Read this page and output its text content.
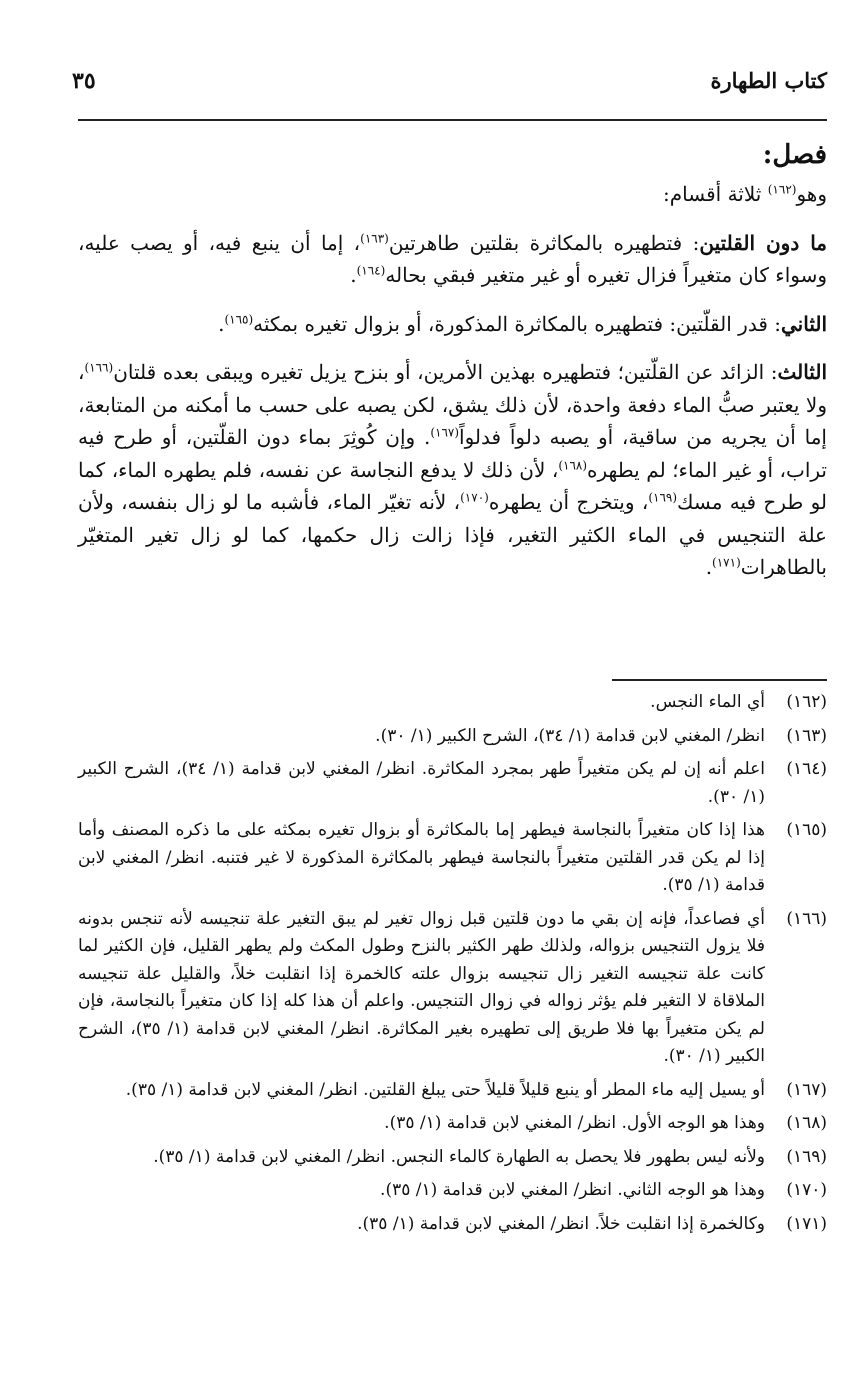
كتاب الطهارة
٣٥
فصل:
وهو$^{(١٦٢)}$ ثلاثة أقسام:
ما دون القلتين: فتطهيره بالمكاثرة بقلتين طاهرتين$^{(١٦٣)}$، إما أن ينبع فيه، أو يصب عليه، وسواء كان متغيراً فزال تغيره أو غير متغير فبقي بحاله$^{(١٦٤)}$.
الثاني: قدر القلّتين: فتطهيره بالمكاثرة المذكورة، أو بزوال تغيره بمكثه$^{(١٦٥)}$.
الثالث: الزائد عن القلّتين؛ فتطهيره بهذين الأمرين، أو بنزح يزيل تغيره ويبقى بعده قلتان$^{(١٦٦)}$، ولا يعتبر صبُّ الماء دفعة واحدة، لأن ذلك يشق، لكن يصبه على حسب ما أمكنه من المتابعة، إما أن يجريه من ساقية، أو يصبه دلواً فدلواً$^{(١٦٧)}$. وإن كُوثِرَ بماء دون القلّتين، أو طرح فيه تراب، أو غير الماء؛ لم يطهره$^{(١٦٨)}$، لأن ذلك لا يدفع النجاسة عن نفسه، فلم يطهره الماء، كما لو طرح فيه مسك$^{(١٦٩)}$، ويتخرج أن يطهره$^{(١٧٠)}$، لأنه تغيّر الماء، فأشبه ما لو زال بنفسه، ولأن علة التنجيس في الماء الكثير التغير، فإذا زالت زال حكمها، كما لو زال تغير المتغيّر بالطاهرات$^{(١٧١)}$.
(١٦٢)
أي الماء النجس.
(١٦٣)
انظر/ المغني لابن قدامة (١/ ٣٤)، الشرح الكبير (١/ ٣٠).
(١٦٤)
اعلم أنه إن لم يكن متغيراً طهر بمجرد المكاثرة. انظر/ المغني لابن قدامة (١/ ٣٤)، الشرح الكبير (١/ ٣٠).
(١٦٥)
هذا إذا كان متغيراً بالنجاسة فيطهر إما بالمكاثرة أو بزوال تغيره بمكثه على ما ذكره المصنف وأما إذا لم يكن قدر القلتين متغيراً بالنجاسة فيطهر بالمكاثرة المذكورة لا غير فتنبه. انظر/ المغني لابن قدامة (١/ ٣٥).
(١٦٦)
أي فصاعداً، فإنه إن بقي ما دون قلتين قبل زوال تغير لم يبق التغير علة تنجيسه لأنه تنجس بدونه فلا يزول التنجيس بزواله، ولذلك طهر الكثير بالنزح وطول المكث ولم يطهر القليل، فإن الكثير لما كانت علة تنجيسه التغير زال تنجيسه بزوال علته كالخمرة إذا انقلبت خلاً، والقليل علة تنجيسه الملاقاة لا التغير فلم يؤثر زواله في زوال التنجيس. واعلم أن هذا كله إذا كان متغيراً بالنجاسة، فإن لم يكن متغيراً بها فلا طريق إلى تطهيره بغير المكاثرة. انظر/ المغني لابن قدامة (١/ ٣٥)، الشرح الكبير (١/ ٣٠).
(١٦٧)
أو يسيل إليه ماء المطر أو ينبع قليلاً قليلاً حتى يبلغ القلتين. انظر/ المغني لابن قدامة (١/ ٣٥).
(١٦٨)
وهذا هو الوجه الأول. انظر/ المغني لابن قدامة (١/ ٣٥).
(١٦٩)
ولأنه ليس بطهور فلا يحصل به الطهارة كالماء النجس. انظر/ المغني لابن قدامة (١/ ٣٥).
(١٧٠)
وهذا هو الوجه الثاني. انظر/ المغني لابن قدامة (١/ ٣٥).
(١٧١)
وكالخمرة إذا انقلبت خلاً. انظر/ المغني لابن قدامة (١/ ٣٥).
